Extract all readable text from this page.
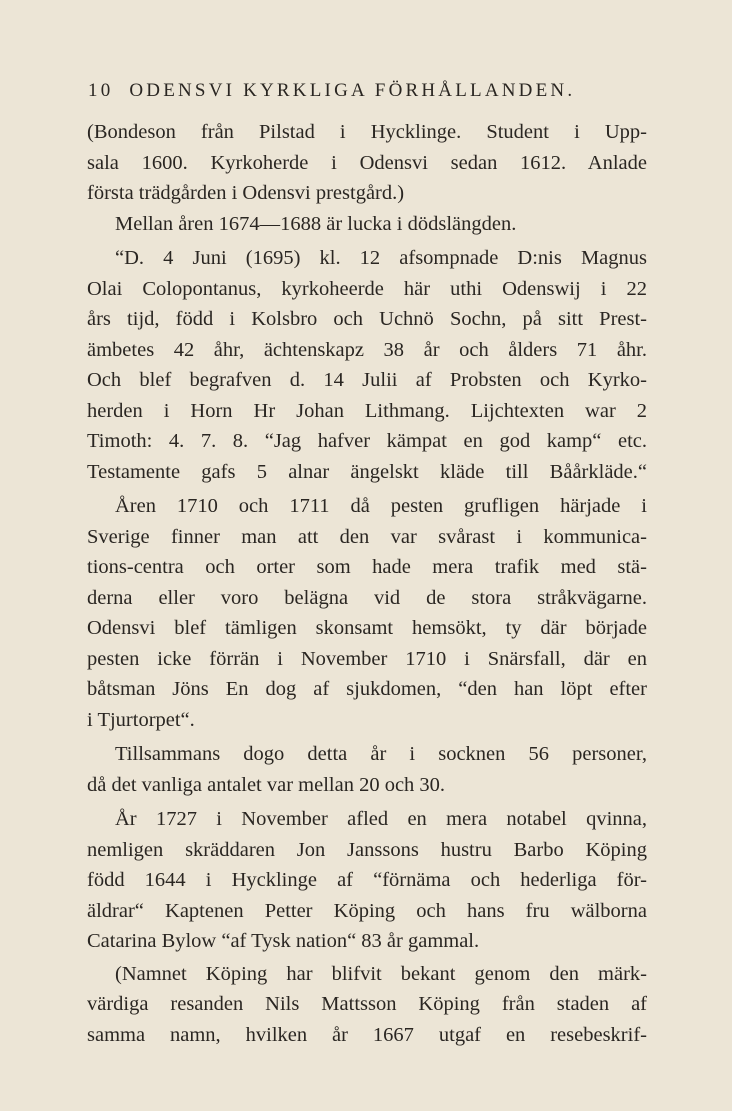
10 ODENSVI KYRKLIGA FÖRHÅLLANDEN.

(Bondeson från Pilstad i Hycklinge. Student i Upp-

sala 1600. Kyrkoherde i Odensvi sedan 1612. Anlade

första trädgården i Odensvi prestgård.)

Mellan åren 1674—1688 är lucka i dödslängden.

“D. 4 Juni (1695) kl. 12 afsompnade D:nis Magnus

Olai Colopontanus, kyrkoheerde här uthi Odenswij i 22

års tijd, född i Kolsbro och Uchnö Sochn, på sitt Prest-

ämbetes 42 åhr, ächtenskapz 38 år och ålders 71 åhr.

Och blef begrafven d. 14 Julii af Probsten och Kyrko-

herden i Horn Hr Johan Lithmang. Lijchtexten war 2

Timoth: 4. 7. 8. “Jag hafver kämpat en god kamp“ etc.

Testamente gafs 5 alnar ängelskt kläde till Båårkläde.“

Åren 1710 och 1711 då pesten grufligen härjade i

Sverige finner man att den var svårast i kommunica-

tions-centra och orter som hade mera trafik med stä-

derna eller voro belägna vid de stora stråkvägarne.

Odensvi blef tämligen skonsamt hemsökt, ty där började

pesten icke förrän i November 1710 i Snärsfall, där en

båtsman Jöns En dog af sjukdomen, “den han löpt efter

i Tjurtorpet“.

Tillsammans dogo detta år i socknen 56 personer,

då det vanliga antalet var mellan 20 och 30.

År 1727 i November afled en mera notabel qvinna,

nemligen skräddaren Jon Janssons hustru Barbo Köping

född 1644 i Hycklinge af “förnäma och hederliga för-

äldrar“ Kaptenen Petter Köping och hans fru wälborna

Catarina Bylow “af Tysk nation“ 83 år gammal.

(Namnet Köping har blifvit bekant genom den märk-

värdiga resanden Nils Mattsson Köping från staden af

samma namn, hvilken år 1667 utgaf en resebeskrif-
